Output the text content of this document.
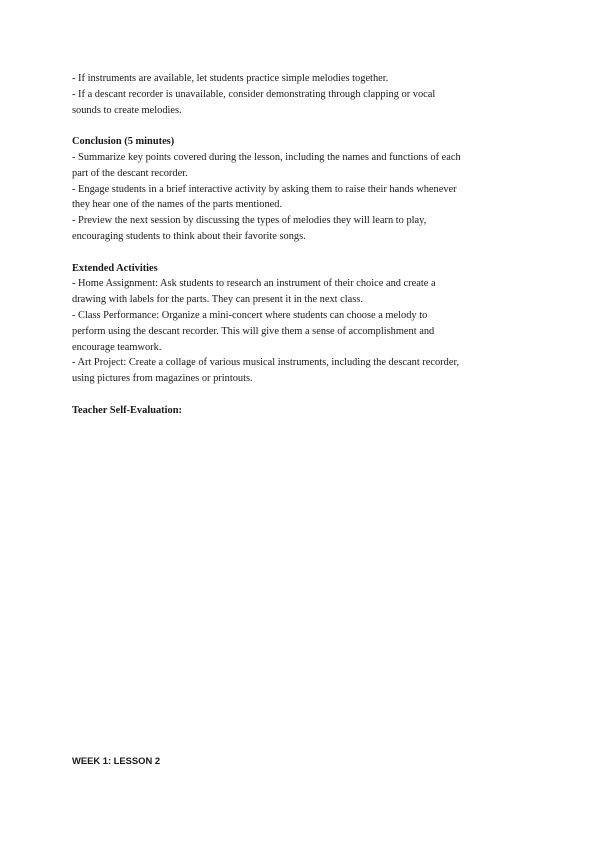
- If instruments are available, let students practice simple melodies together.

- If a descant recorder is unavailable, consider demonstrating through clapping or vocal

sounds to create melodies.

Conclusion (5 minutes)

- Summarize key points covered during the lesson, including the names and functions of each

part of the descant recorder.

- Engage students in a brief interactive activity by asking them to raise their hands whenever

they hear one of the names of the parts mentioned.

- Preview the next session by discussing the types of melodies they will learn to play,

encouraging students to think about their favorite songs.

Extended Activities

- Home Assignment: Ask students to research an instrument of their choice and create a

drawing with labels for the parts. They can present it in the next class.

- Class Performance: Organize a mini-concert where students can choose a melody to

perform using the descant recorder. This will give them a sense of accomplishment and

encourage teamwork.

- Art Project: Create a collage of various musical instruments, including the descant recorder,

using pictures from magazines or printouts.

Teacher Self-Evaluation:

WEEK 1: LESSON 2
